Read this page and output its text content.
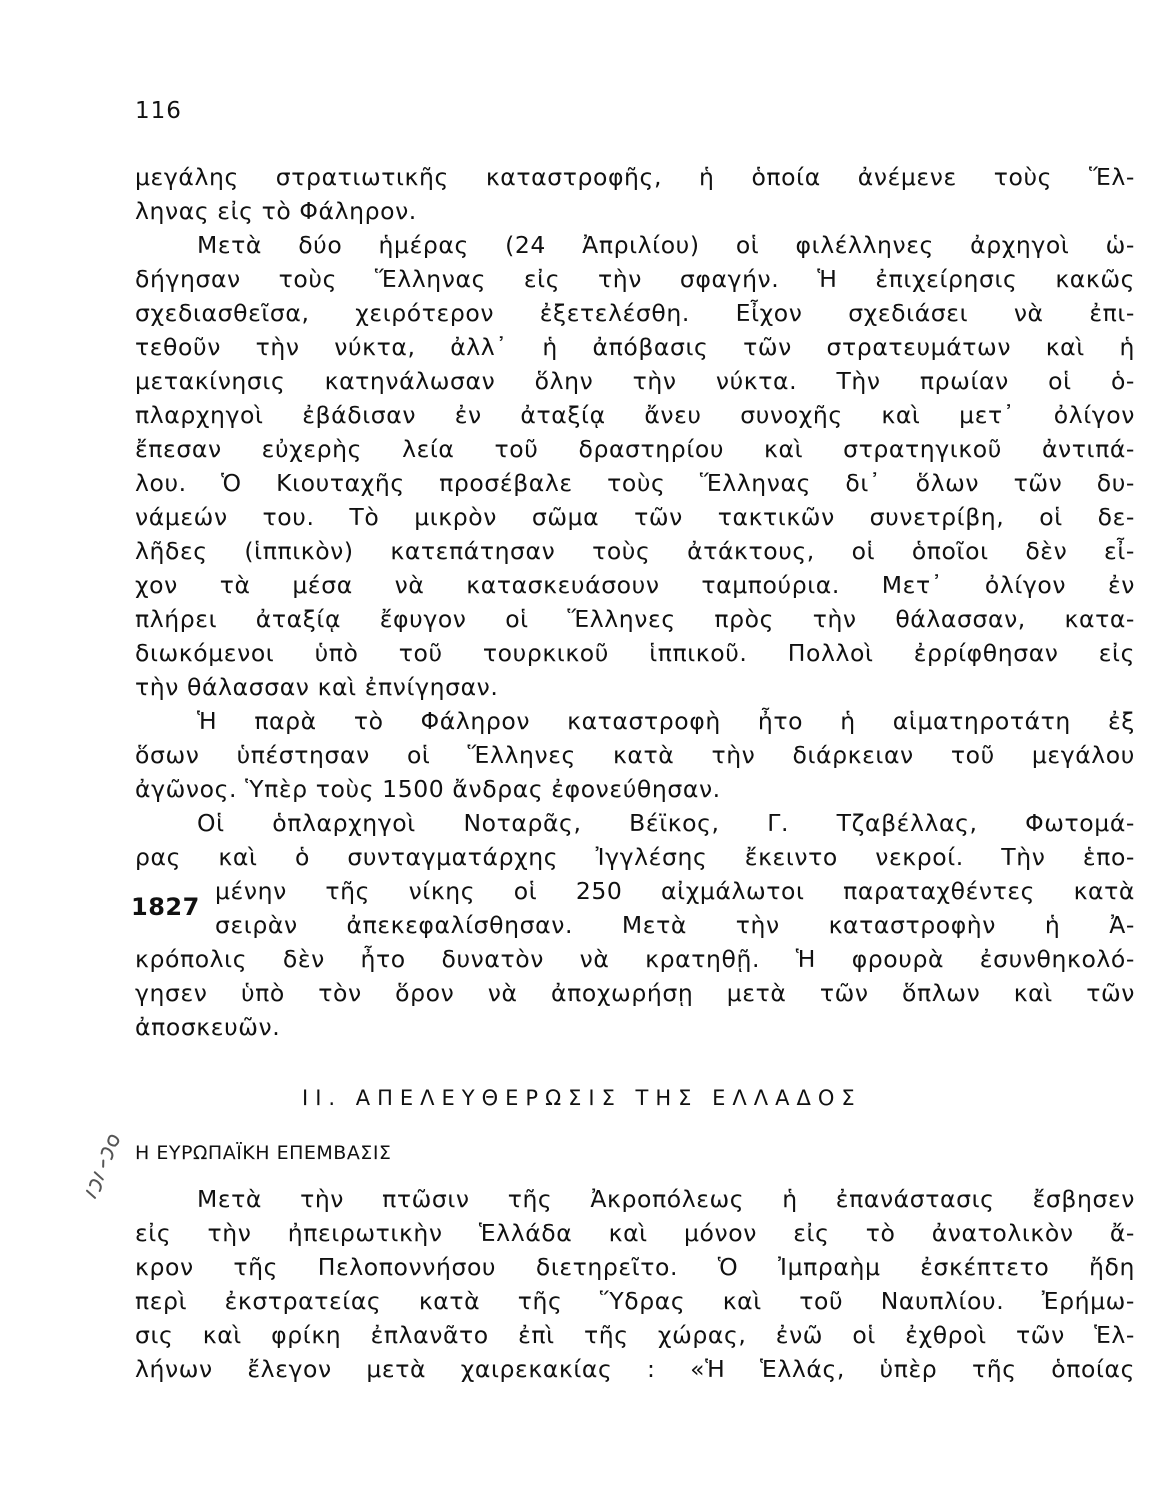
116
μεγάλης στρατιωτικῆς καταστροφῆς, ἡ ὁποία ἀνέμενε τοὺς Ἕλ-
ληνας εἰς τὸ Φάληρον.
Μετὰ δύο ἡμέρας (24 Ἀπριλίου) οἱ φιλέλληνες ἀρχηγοὶ ὡ-
δήγησαν τοὺς Ἕλληνας εἰς τὴν σφαγήν. Ἡ ἐπιχείρησις κακῶς
σχεδιασθεῖσα, χειρότερον ἐξετελέσθη. Εἶχον σχεδιάσει νὰ ἐπι-
τεθοῦν τὴν νύκτα, ἀλλ᾽ ἡ ἀπόβασις τῶν στρατευμάτων καὶ ἡ
μετακίνησις κατηνάλωσαν ὅλην τὴν νύκτα. Τὴν πρωίαν οἱ ὁ-
πλαρχηγοὶ ἐβάδισαν ἐν ἀταξίᾳ ἄνευ συνοχῆς καὶ μετ᾽ ὀλίγον
ἔπεσαν εὐχερὴς λεία τοῦ δραστηρίου καὶ στρατηγικοῦ ἀντιπά-
λου. Ὁ Κιουταχῆς προσέβαλε τοὺς Ἕλληνας δι᾽ ὅλων τῶν δυ-
νάμεών του. Τὸ μικρὸν σῶμα τῶν τακτικῶν συνετρίβη, οἱ δε-
λῆδες (ἱππικὸν) κατεπάτησαν τοὺς ἀτάκτους, οἱ ὁποῖοι δὲν εἶ-
χον τὰ μέσα νὰ κατασκευάσουν ταμπούρια. Μετ᾽ ὀλίγον ἐν
πλήρει ἀταξίᾳ ἔφυγον οἱ Ἕλληνες πρὸς τὴν θάλασσαν, κατα-
διωκόμενοι ὑπὸ τοῦ τουρκικοῦ ἱππικοῦ. Πολλοὶ ἐρρίφθησαν εἰς
τὴν θάλασσαν καὶ ἐπνίγησαν.
Ἡ παρὰ τὸ Φάληρον καταστροφὴ ἦτο ἡ αἱματηροτάτη ἐξ
ὅσων ὑπέστησαν οἱ Ἕλληνες κατὰ τὴν διάρκειαν τοῦ μεγάλου
ἀγῶνος. Ὑπὲρ τοὺς 1500 ἄνδρας ἐφονεύθησαν.
Οἱ ὁπλαρχηγοὶ Νοταρᾶς, Βέϊκος, Γ. Τζαβέλλας, Φωτομά-
ρας καὶ ὁ συνταγματάρχης Ἰγγλέσης ἔκειντο νεκροί. Τὴν ἑπο-
μένην τῆς νίκης οἱ 250 αἰχμάλωτοι παραταχθέντες κατὰ
σειρὰν ἀπεκεφαλίσθησαν. Μετὰ τὴν καταστροφὴν ἡ Ἀ-
κρόπολις δὲν ἦτο δυνατὸν νὰ κρατηθῇ. Ἡ φρουρὰ ἐσυνθηκολό-
γησεν ὑπὸ τὸν ὅρον νὰ ἀποχωρήσῃ μετὰ τῶν ὅπλων καὶ τῶν
ἀποσκευῶν.
1827
ΙΙ. ΑΠΕΛΕΥΘΕΡΩΣΙΣ ΤΗΣ ΕΛΛΑΔΟΣ
Η ΕΥΡΩΠΑΪΚΗ ΕΠΕΜΒΑΣΙΣ
Μετὰ τὴν πτῶσιν τῆς Ἀκροπόλεως ἡ ἐπανάστασις ἔσβησεν
εἰς τὴν ἠπειρωτικὴν Ἑλλάδα καὶ μόνον εἰς τὸ ἀνατολικὸν ἄ-
κρον τῆς Πελοποννήσου διετηρεῖτο. Ὁ Ἰμπραὴμ ἐσκέπτετο ἤδη
περὶ ἐκστρατείας κατὰ τῆς Ὕδρας καὶ τοῦ Ναυπλίου. Ἐρήμω-
σις καὶ φρίκη ἐπλανᾶτο ἐπὶ τῆς χώρας, ἐνῶ οἱ ἐχθροὶ τῶν Ἑλ-
λήνων ἔλεγον μετὰ χαιρεκακίας : «Ἡ Ἑλλάς, ὑπὲρ τῆς ὁποίας
